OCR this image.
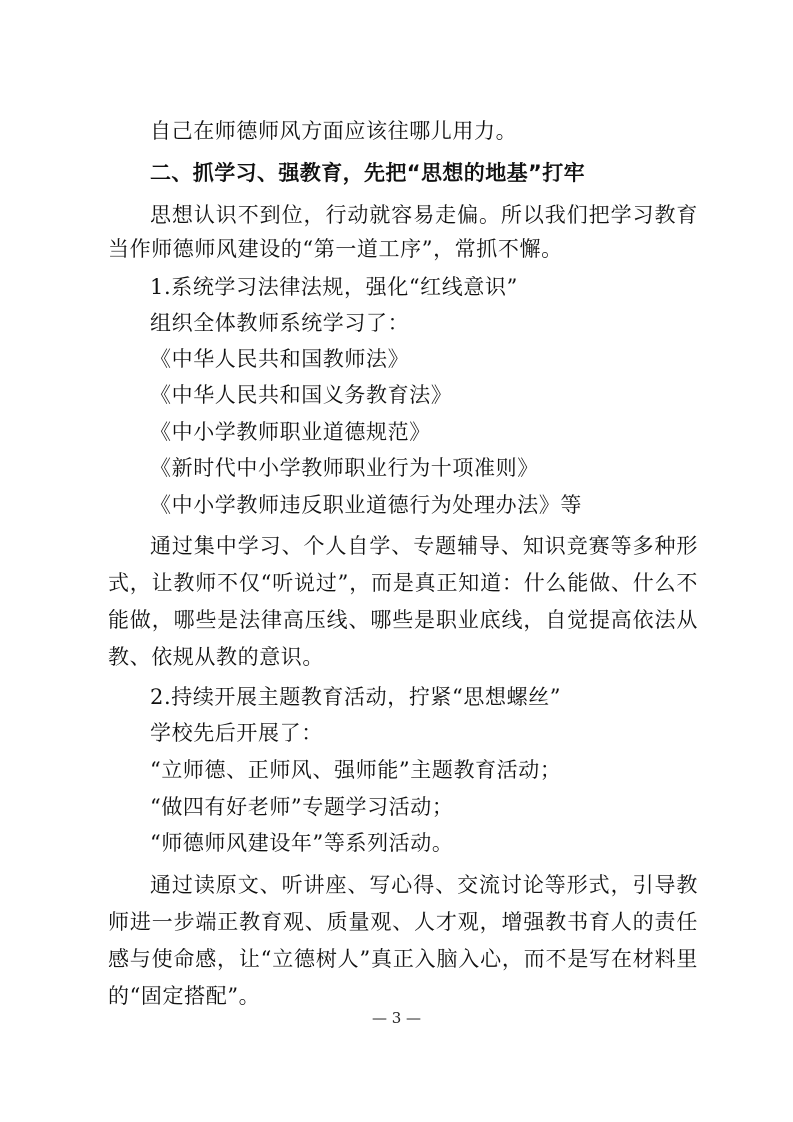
自己在师德师风方面应该往哪儿用力。
二、抓学习、强教育，先把“思想的地基”打牢
思想认识不到位，行动就容易走偏。所以我们把学习教育
当作师德师风建设的“第一道工序”，常抓不懈。
1.系统学习法律法规，强化“红线意识”
组织全体教师系统学习了：
《中华人民共和国教师法》
《中华人民共和国义务教育法》
《中小学教师职业道德规范》
《新时代中小学教师职业行为十项准则》
《中小学教师违反职业道德行为处理办法》等
通过集中学习、个人自学、专题辅导、知识竞赛等多种形
式，让教师不仅“听说过”，而是真正知道：什么能做、什么不
能做，哪些是法律高压线、哪些是职业底线，自觉提高依法从
教、依规从教的意识。
2.持续开展主题教育活动，拧紧“思想螺丝”
学校先后开展了：
“立师德、正师风、强师能”主题教育活动；
“做四有好老师”专题学习活动；
“师德师风建设年”等系列活动。
通过读原文、听讲座、写心得、交流讨论等形式，引导教
师进一步端正教育观、质量观、人才观，增强教书育人的责任
感与使命感，让“立德树人”真正入脑入心，而不是写在材料里
的“固定搭配”。
— 3 —
